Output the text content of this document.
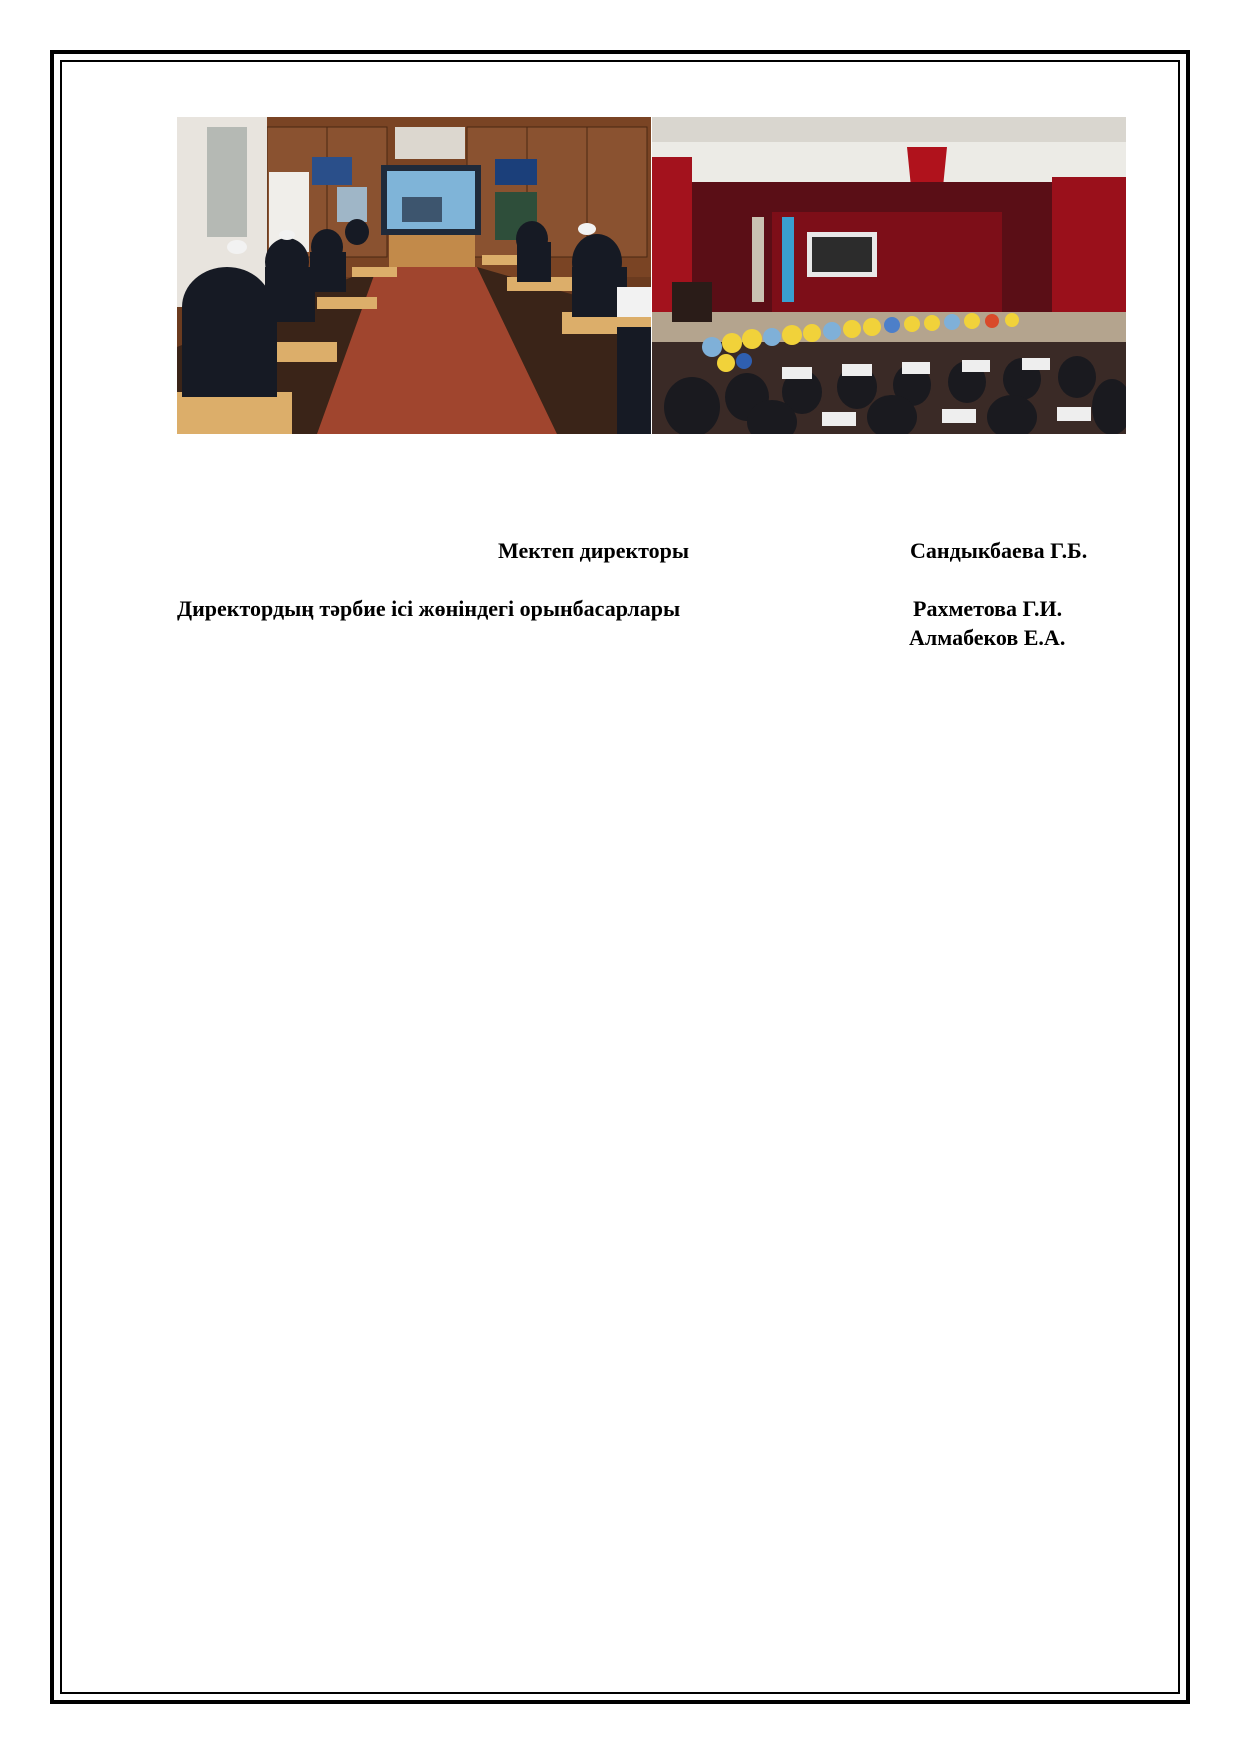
Мектеп директоры	Сандыкбаева Г.Б.
Директордың тәрбие ісі жөніндегі орынбасарлары	Рахметова Г.И.
Алмабеков Е.А.
